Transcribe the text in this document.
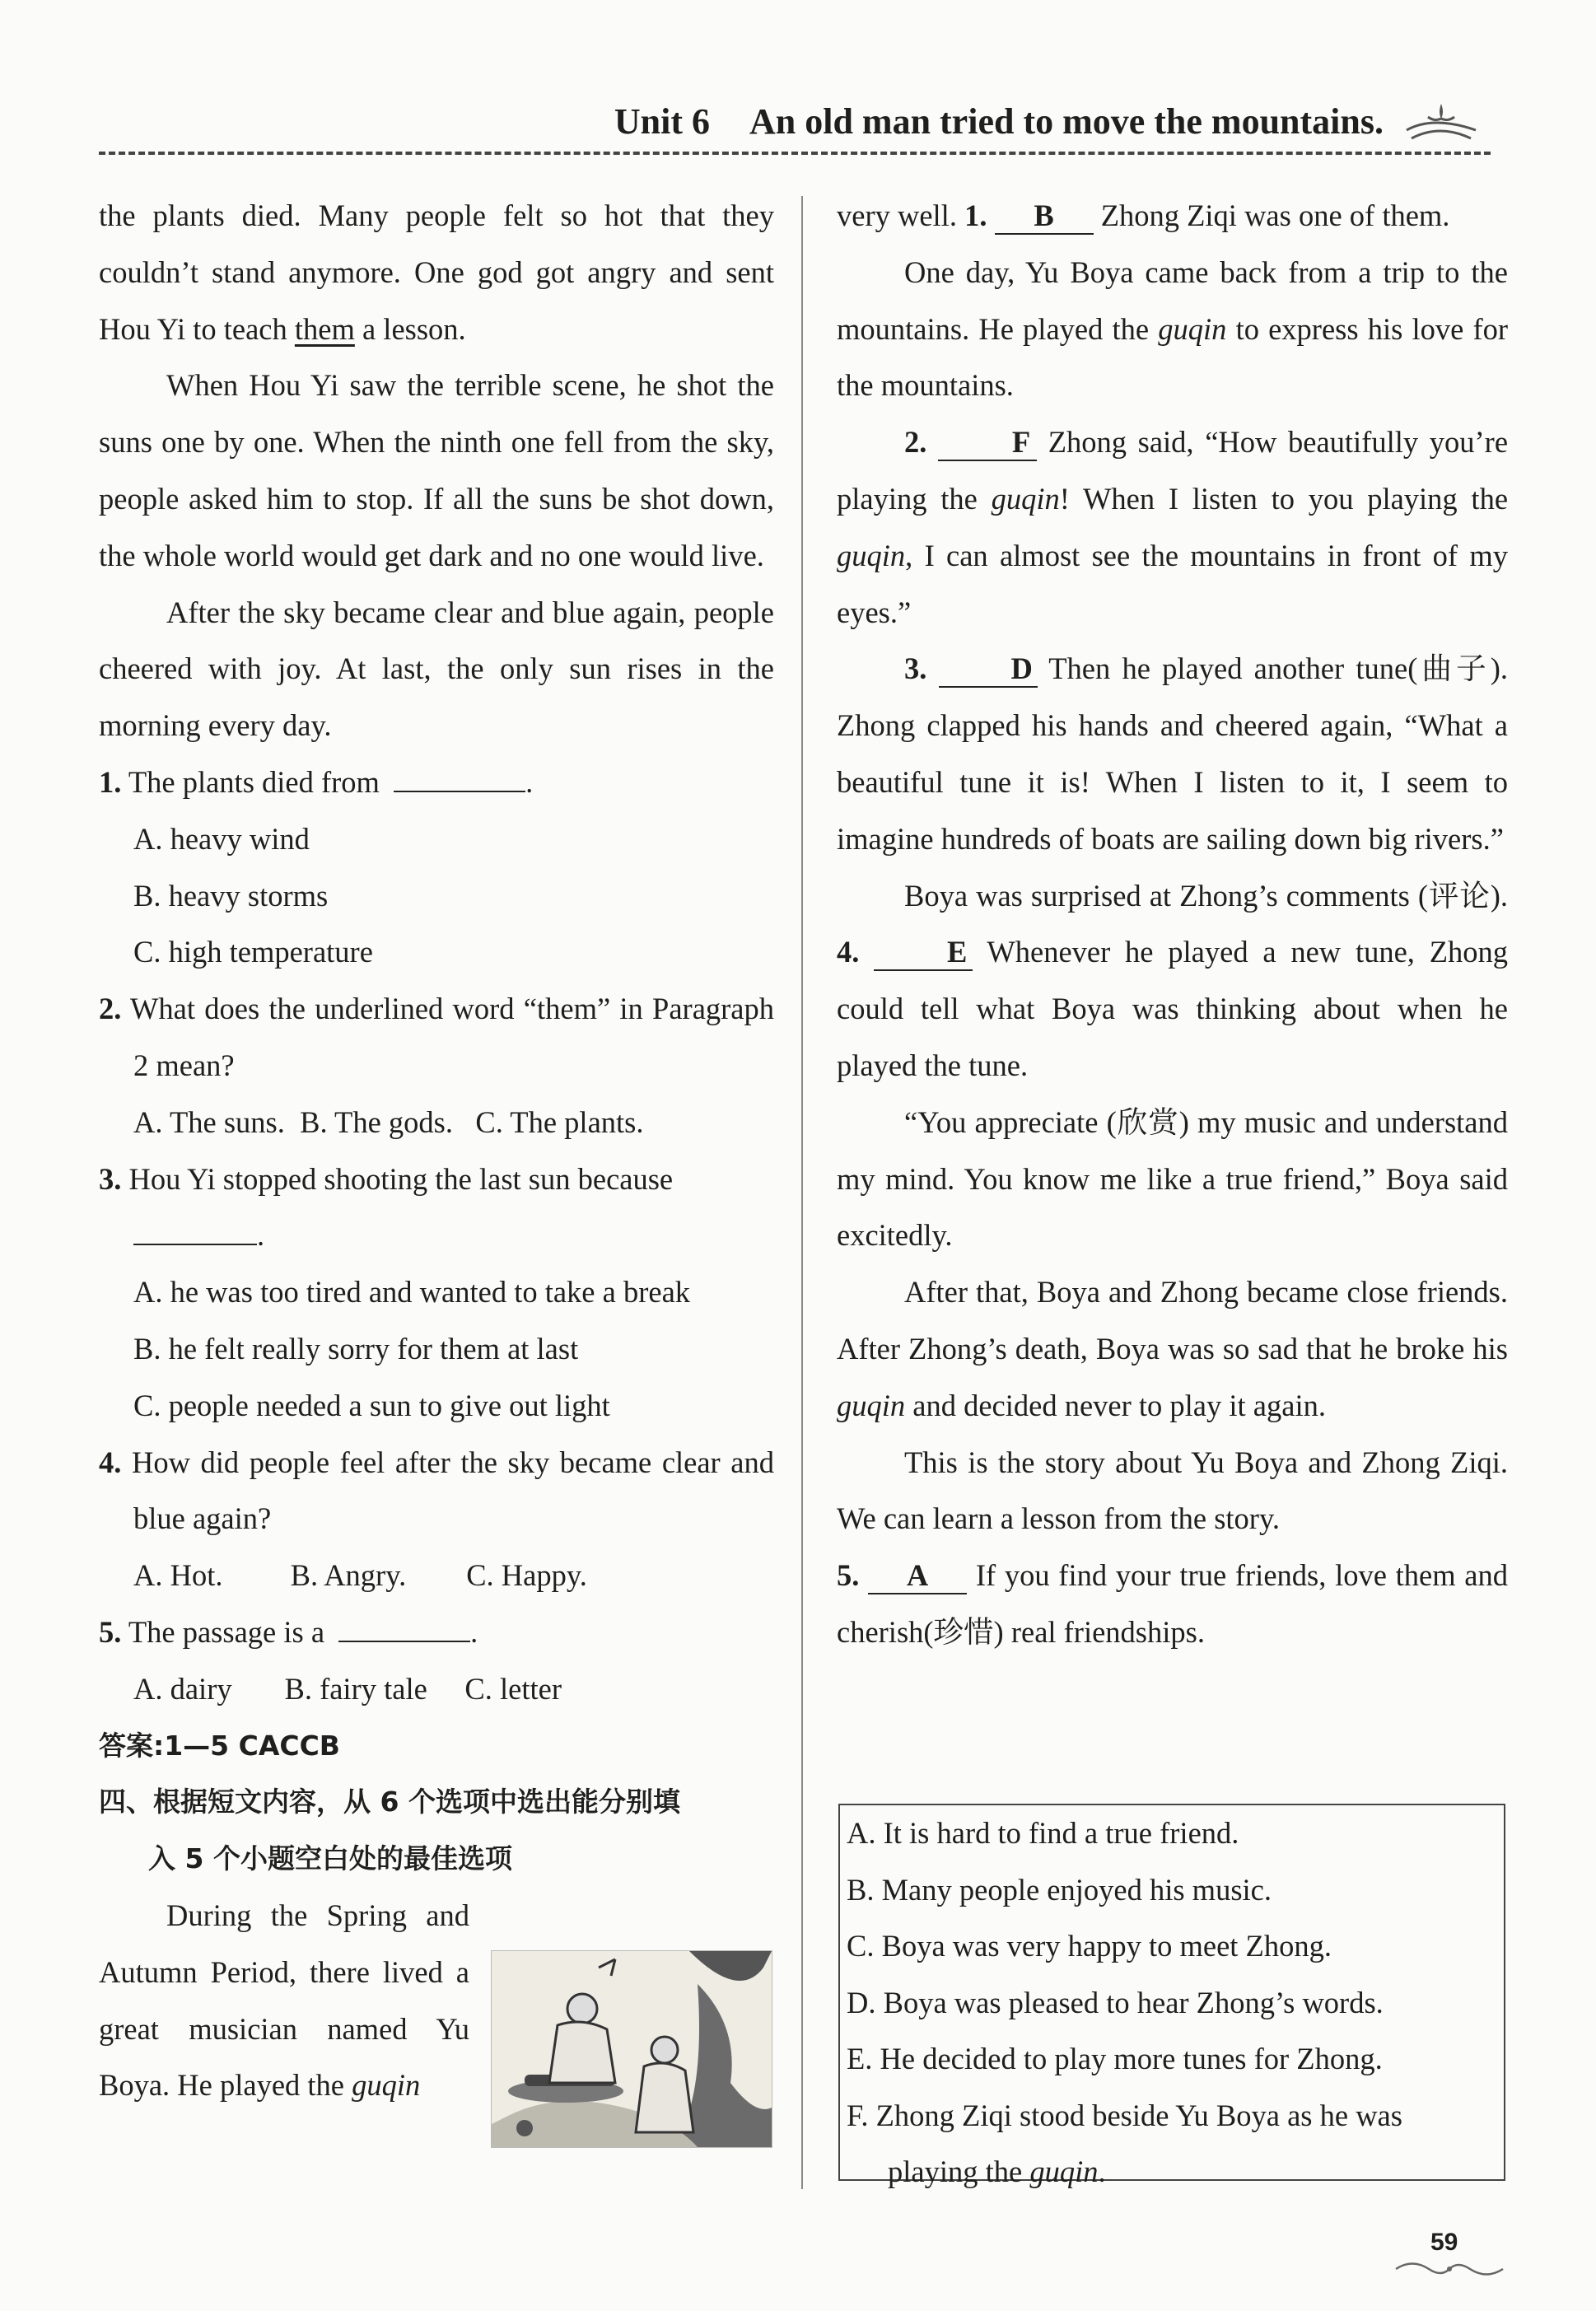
Unit 6 An old man tried to move the mountains.

the plants died. Many people felt so hot that they couldn’t stand anymore. One god got angry and sent Hou Yi to teach them a lesson.

When Hou Yi saw the terrible scene, he shot the suns one by one. When the ninth one fell from the sky, people asked him to stop. If all the suns be shot down, the whole world would get dark and no one would live.

After the sky became clear and blue again, people cheered with joy. At last, the only sun rises in the morning every day.

1. The plants died from	.

A. heavy wind

B. heavy storms

C. high temperature

2. What does the underlined word “them” in Paragraph 2 mean?

A. The suns.  B. The gods.   C. The plants.

3. Hou Yi stopped shooting the last sun because

.

A. he was too tired and wanted to take a break

B. he felt really sorry for them at last

C. people needed a sun to give out light

4. How did people feel after the sky became clear and blue again?

A. Hot.         B. Angry.        C. Happy.

5. The passage is a	.

A. dairy       B. fairy tale     C. letter

答案:1—5 CACCB

四、根据短文内容，从 6 个选项中选出能分别填

入 5 个小题空白处的最佳选项

During the Spring and Autumn Period, there lived a great musician named Yu Boya. He played the guqin

very well. 1. B Zhong Ziqi was one of them.

One day, Yu Boya came back from a trip to the mountains. He played the guqin to express his love for the mountains.

2.	F Zhong said, “How beautifully you’re playing the guqin! When I listen to you playing the guqin, I can almost see the mountains in front of my eyes.”

3.	D Then he played another tune(曲子). Zhong clapped his hands and cheered again, “What a beautiful tune it is! When I listen to it, I seem to imagine hundreds of boats are sailing down big rivers.”

Boya was surprised at Zhong’s comments (评论). 4.	E Whenever he played a new tune, Zhong could tell what Boya was thinking about when he played the tune.

“You appreciate (欣赏) my music and understand my mind. You know me like a true friend,” Boya said excitedly.

After that, Boya and Zhong became close friends. After Zhong’s death, Boya was so sad that he broke his guqin and decided never to play it again.

This is the story about Yu Boya and Zhong Ziqi. We can learn a lesson from the story.

5. A If you find your true friends, love them and cherish(珍惜) real friendships.

A. It is hard to find a true friend.

B. Many people enjoyed his music.

C. Boya was very happy to meet Zhong.

D. Boya was pleased to hear Zhong’s words.

E. He decided to play more tunes for Zhong.

F. Zhong Ziqi stood beside Yu Boya as he was

playing the guqin.

59
